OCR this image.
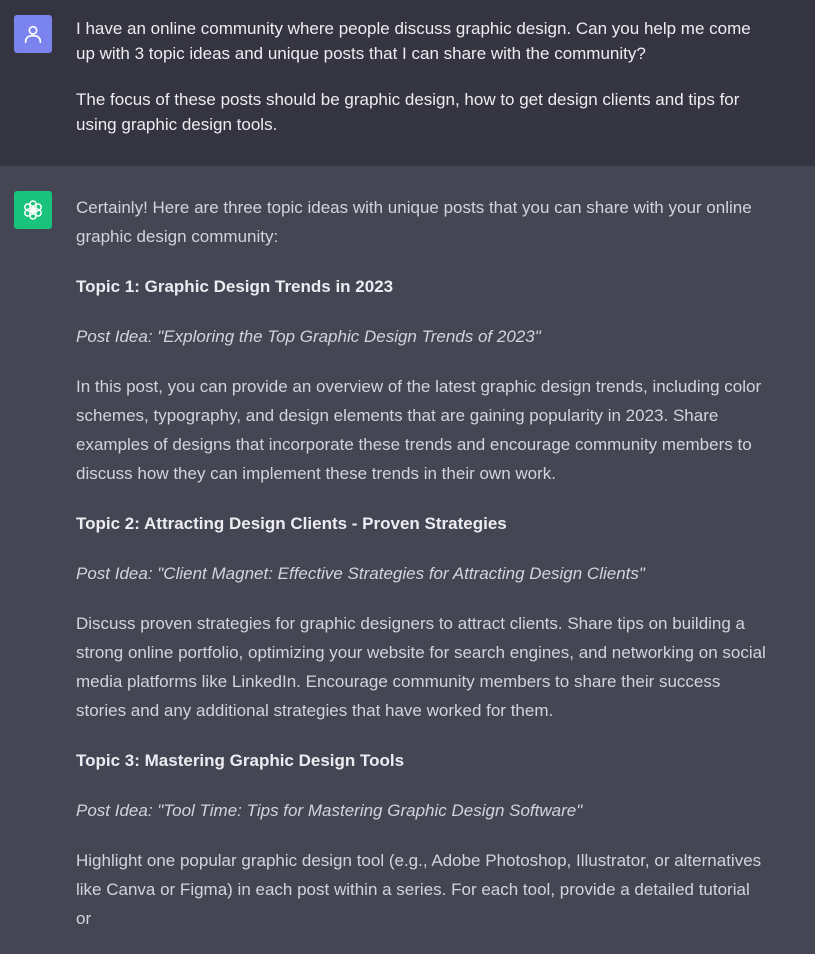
I have an online community where people discuss graphic design. Can you help me come up with 3 topic ideas and unique posts that I can share with the community?

The focus of these posts should be graphic design, how to get design clients and tips for using graphic design tools.

Certainly! Here are three topic ideas with unique posts that you can share with your online graphic design community:

Topic 1: Graphic Design Trends in 2023

Post Idea: "Exploring the Top Graphic Design Trends of 2023"

In this post, you can provide an overview of the latest graphic design trends, including color schemes, typography, and design elements that are gaining popularity in 2023. Share examples of designs that incorporate these trends and encourage community members to discuss how they can implement these trends in their own work.

Topic 2: Attracting Design Clients - Proven Strategies

Post Idea: "Client Magnet: Effective Strategies for Attracting Design Clients"

Discuss proven strategies for graphic designers to attract clients. Share tips on building a strong online portfolio, optimizing your website for search engines, and networking on social media platforms like LinkedIn. Encourage community members to share their success stories and any additional strategies that have worked for them.

Topic 3: Mastering Graphic Design Tools

Post Idea: "Tool Time: Tips for Mastering Graphic Design Software"

Highlight one popular graphic design tool (e.g., Adobe Photoshop, Illustrator, or alternatives like Canva or Figma) in each post within a series. For each tool, provide a detailed tutorial or
